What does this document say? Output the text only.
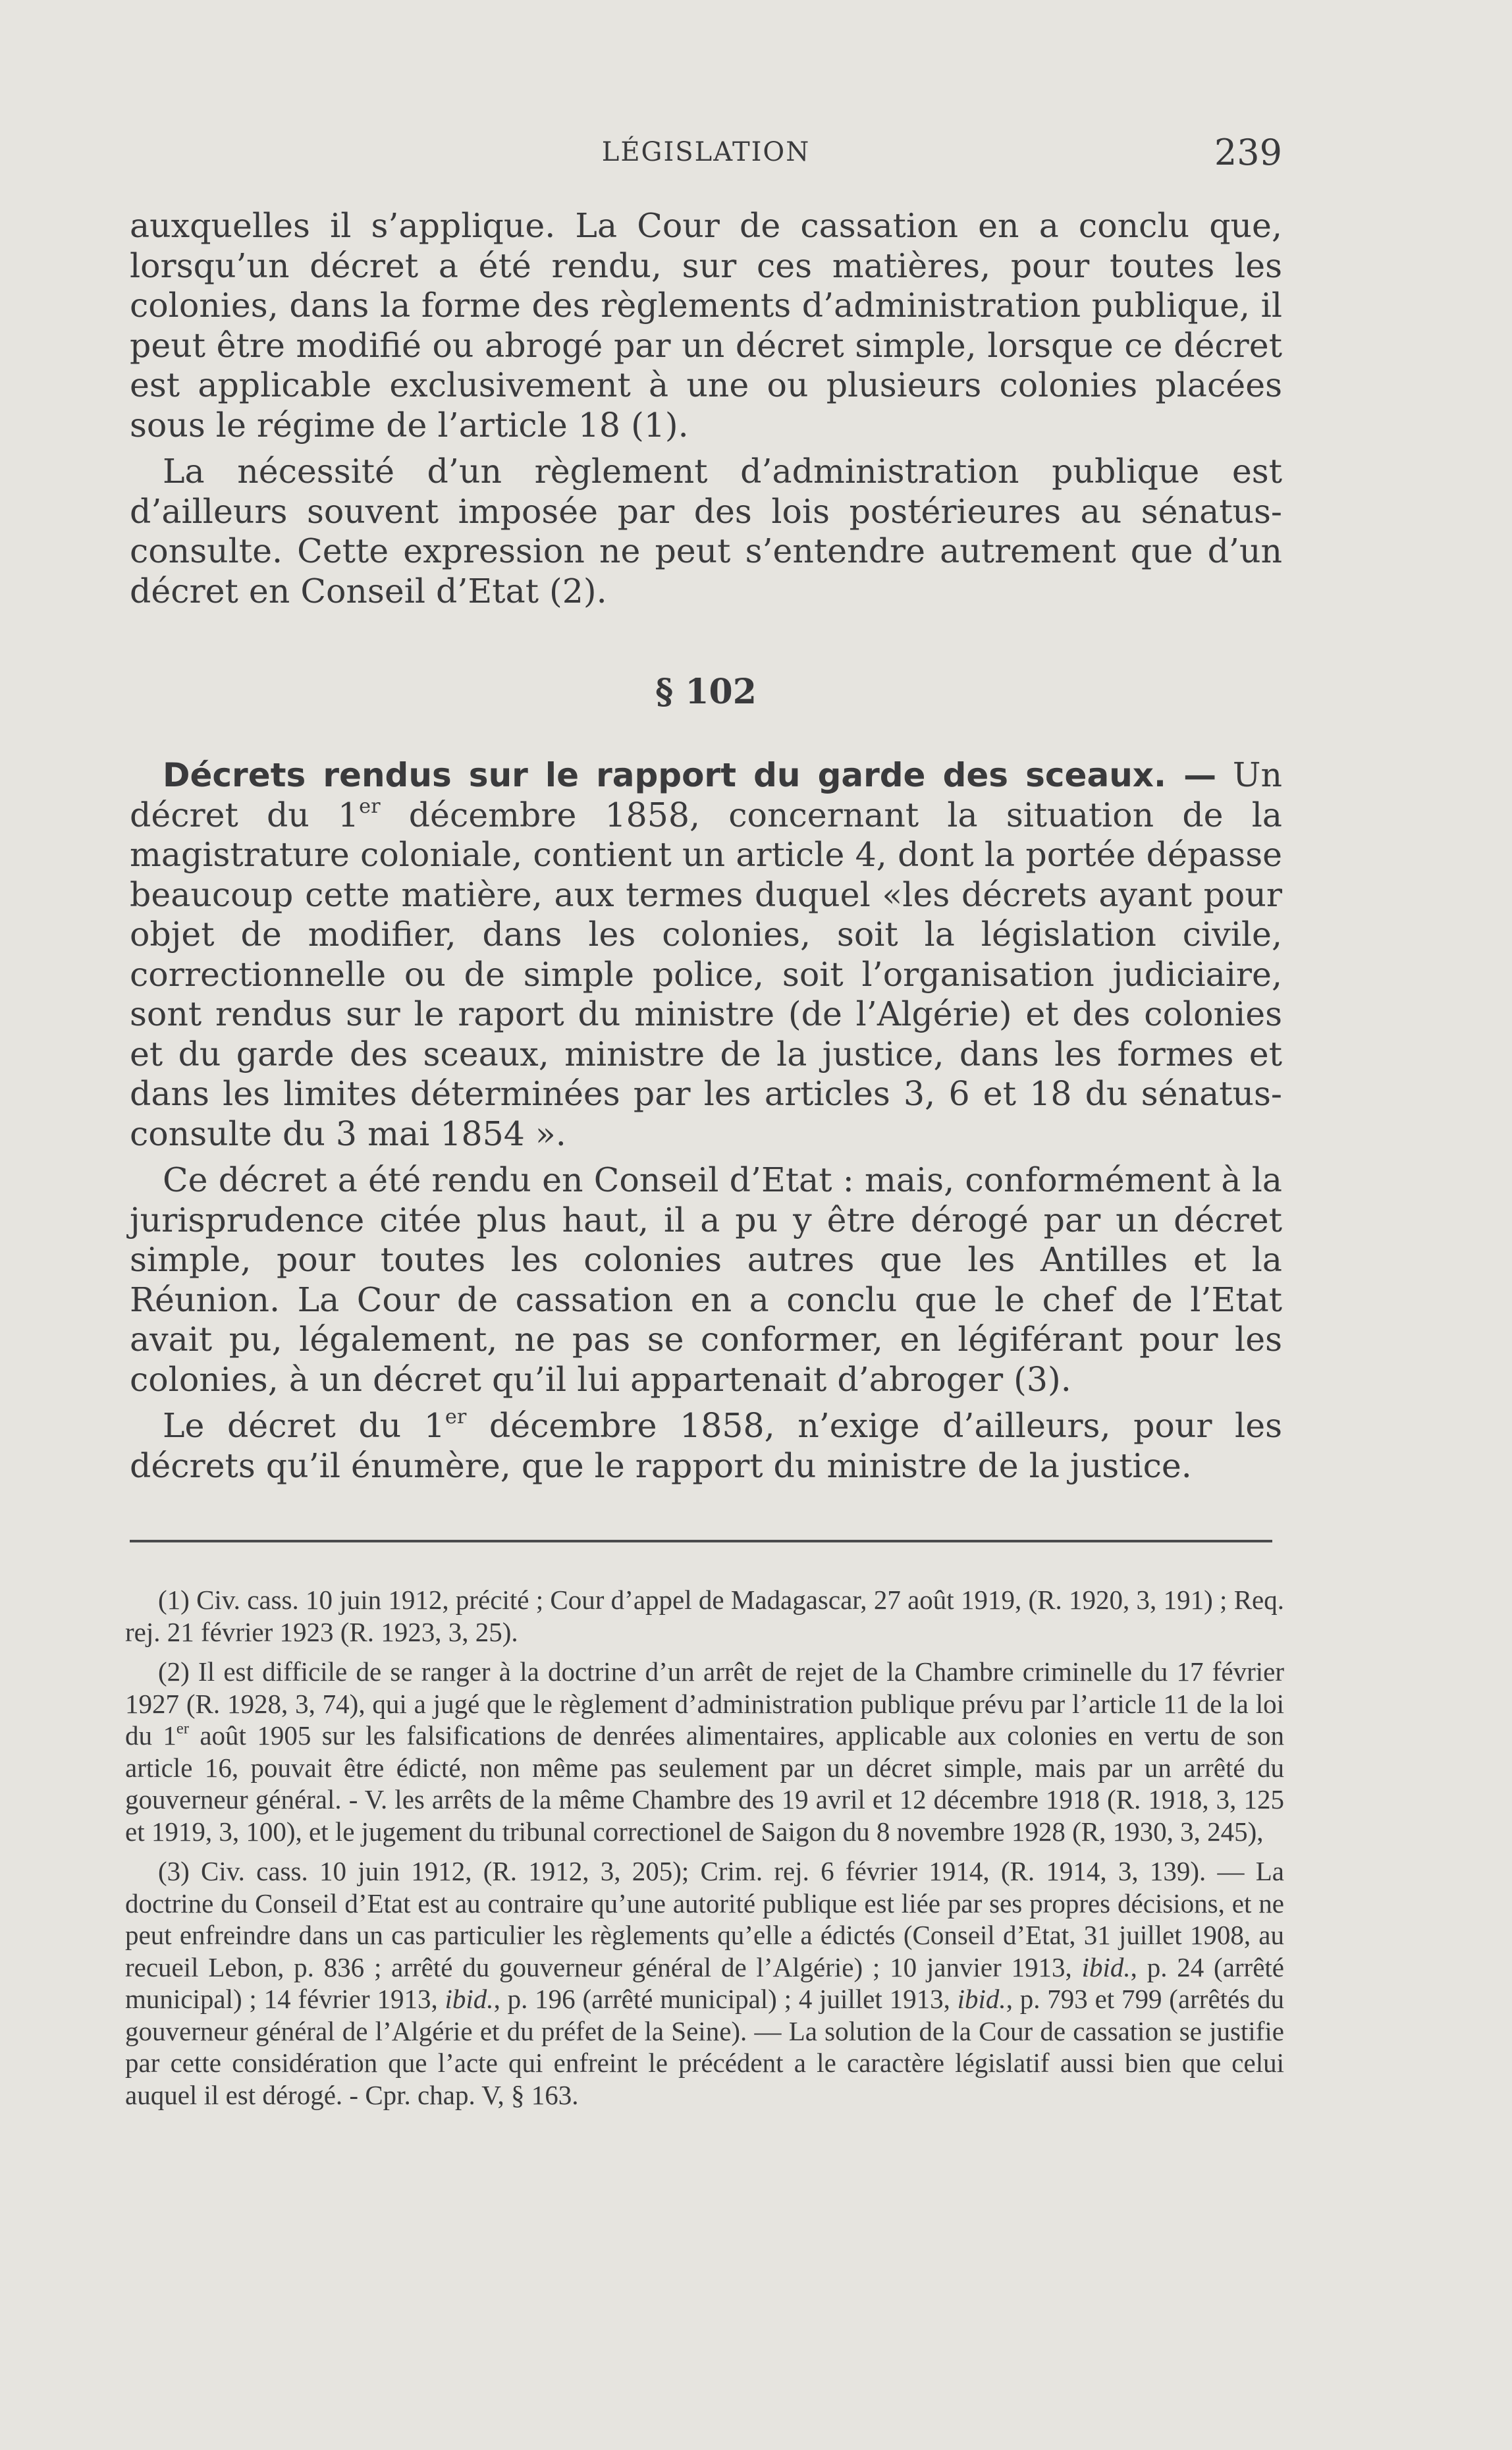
LÉGISLATION	239

auxquelles il s’applique. La Cour de cassation en a conclu que, lorsqu’un décret a été rendu, sur ces matières, pour toutes les colonies, dans la forme des règlements d’administration publique, il peut être modifié ou abrogé par un décret simple, lorsque ce décret est applicable exclusivement à une ou plusieurs colonies placées sous le régime de l’article 18 (1).

La nécessité d’un règlement d’administration publique est d’ailleurs souvent imposée par des lois postérieures au sénatus-consulte. Cette expression ne peut s’entendre autrement que d’un décret en Conseil d’Etat (2).

§ 102

Décrets rendus sur le rapport du garde des sceaux. — Un décret du 1er décembre 1858, concernant la situation de la magistrature coloniale, contient un article 4, dont la portée dépasse beaucoup cette matière, aux termes duquel «les décrets ayant pour objet de modifier, dans les colonies, soit la législation civile, correctionnelle ou de simple police, soit l’organisation judiciaire, sont rendus sur le raport du ministre (de l’Algérie) et des colonies et du garde des sceaux, ministre de la justice, dans les formes et dans les limites déterminées par les articles 3, 6 et 18 du sénatus-consulte du 3 mai 1854 ».

Ce décret a été rendu en Conseil d’Etat : mais, conformément à la jurisprudence citée plus haut, il a pu y être dérogé par un décret simple, pour toutes les colonies autres que les Antilles et la Réunion. La Cour de cassation en a conclu que le chef de l’Etat avait pu, légalement, ne pas se conformer, en légiférant pour les colonies, à un décret qu’il lui appartenait d’abroger (3).

Le décret du 1er décembre 1858, n’exige d’ailleurs, pour les décrets qu’il énumère, que le rapport du ministre de la justice.

(1) Civ. cass. 10 juin 1912, précité ; Cour d’appel de Madagascar, 27 août 1919, (R. 1920, 3, 191) ; Req. rej. 21 février 1923 (R. 1923, 3, 25).

(2) Il est difficile de se ranger à la doctrine d’un arrêt de rejet de la Chambre criminelle du 17 février 1927 (R. 1928, 3, 74), qui a jugé que le règlement d’administration publique prévu par l’article 11 de la loi du 1er août 1905 sur les falsifications de denrées alimentaires, applicable aux colonies en vertu de son article 16, pouvait être édicté, non même pas seulement par un décret simple, mais par un arrêté du gouverneur général. - V. les arrêts de la même Chambre des 19 avril et 12 décembre 1918 (R. 1918, 3, 125 et 1919, 3, 100), et le jugement du tribunal correctionel de Saigon du 8 novembre 1928 (R, 1930, 3, 245),

(3) Civ. cass. 10 juin 1912, (R. 1912, 3, 205); Crim. rej. 6 février 1914, (R. 1914, 3, 139). — La doctrine du Conseil d’Etat est au contraire qu’une autorité publique est liée par ses propres décisions, et ne peut enfreindre dans un cas particulier les règlements qu’elle a édictés (Conseil d’Etat, 31 juillet 1908, au recueil Lebon, p. 836 ; arrêté du gouverneur général de l’Algérie) ; 10 janvier 1913, ibid., p. 24 (arrêté municipal) ; 14 février 1913, ibid., p. 196 (arrêté municipal) ; 4 juillet 1913, ibid., p. 793 et 799 (arrêtés du gouverneur général de l’Algérie et du préfet de la Seine). — La solution de la Cour de cassation se justifie par cette considération que l’acte qui enfreint le précédent a le caractère législatif aussi bien que celui auquel il est dérogé. - Cpr. chap. V, § 163.
